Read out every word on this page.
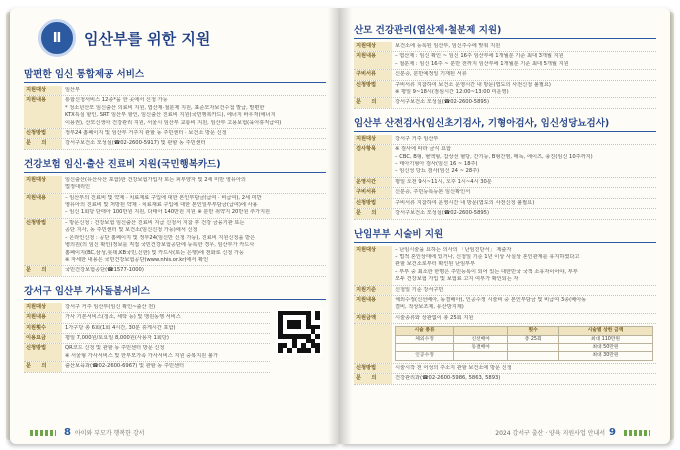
Ⅱ	임산부를 위한 지원
맘편한 임신 통합제공 서비스
지원대상	임산부
지원내용	통합신청서비스 12종*을 한 곳에서 신청 가능
* 청소년산모 임신출산 의료비 지원, 엽산제·철분제 지원, 표준모자보건수첩 발급, 맘편한
KTX특실 할인, SRT 임산부 할인, 임신출산 진료비 지원(국민행복카드), 에너지 바우처(에너지
이용권), 산모신생아 건강관리 지원, 서울시 임산부 교통비 지원, 임산부 고용보험(육아휴직급여)
신청방법	정부24 홈페이지 및 임산부 거주지 관할 동 주민센터 · 보건소 방문 신청
문　　의	강서구보건소 모성실(☎02-2600-5917) 및 관할 동 주민센터
건강보험 임신·출산 진료비 지원(국민행복카드)
지원대상	임신출산(유산사산 포함)한 건강보험가입자 또는 피부양자 및 2세 미만 영유아의
법정대리인
지원내용	– 임산부의 진료비 및 약제 · 치료재료 구입에 대한 본인부담금(급여 · 비급여), 2세 미만
영유아의 진료비 및 처방된 약제 · 치료재료 구입에 대한 본인일부부담금(급여)에 사용
– 임신 1회당 단태아 100만원 지원, 다태아 140만원 지원 ※ 분만 취약지 20만원 추가지원
신청방법	– 방문신청 : 건강보험 임신출산 진료비 지급 신청서 지참 후 건강 금융기관 또는
공단 지사, 동 주민센터 및 보건소(임신신청 가능)에서 신청
– 온라인신청 : 공단 홈페이지 및 정부24(임신만 신청 가능), 진료비 지원신청을 받은
병의원(의 임신 확인)정보를 직접 국민건강보험공단에 등록한 경우, 임산부가 카드사
홈페이지(BC,삼성,롯데,KB국민,신한) 및 카드사(또는 은행)에 전화로 신청 가능
※ 자세한 내용은 국민건강보험공단(www.nhis.or.kr)에서 확인
문　　의	국민건강보험공단(☎1577-1000)
강서구 임산부 가사돌봄서비스
지원대상	강서구 거주 임산부(임신 확인~출산 전)
지원내용	가사 기본서비스(청소, 세탁 등) 및 맹원동행 서비스
지원횟수	1가구당 총 6회(1회 4시간, 30분 휴게시간 포함)
이용요금	평일 7,000원/토요일 8,000원(사용자 1회당)
신청방법	QR코드 신청 및 관할 동 주민센터 방문 신청
※ 서울형 가사서비스 및 한부모가족 가사서비스 지원 중복지원 불가
문　　의	출산보육과(☎02-2600-6967) 및 관할 동 주민센터
8 아이와 부모가 행복한 강서
산모 건강관리(엽산제·철분제 지원)
지원대상	보건소에 등록된 임산부, 임신주수에 맞춰 지원
지원내용	– 엽산제 : 임신 확인 ~ 임신 16주 임산부에 1개월분 기준 최대 3개월 지원
– 철분제 : 임신 16주 ~ 분만 전까지 임산부에 1개월분 기준 최대 5개월 지원
구비서류	신분증, 분만예정일 기재된 서류
신청방법	구비서류 지참하여 보건소 운영시간 내 방문(엽도의 사전신청 불필요)
※ 평일 9~18시(점심시간 12:00~13:00 미운영)
문　　의	강서구보건소 모성실(☎02-2600-5895)
임산부 산전검사(임신초기검사, 기형아검사, 임신성당뇨검사)
지원대상	강서구 거주 임산부
검사항목	※ 검사에 따라 금식 요함
– CBC, B형, 혈액형, 갑상선 혈당, 간기능, B형간염, 매독, 에이즈, 풍진(임신 10주까지)
– 태아기형아 검사(임신 16 ~ 18주)
– 임신성 당뇨 검사(임신 24 ~ 28주)
운영시간	평일 오전 9시~11시, 오후 1시~4시 30분
구비서류	신분증, 주민등록등본 임신확인서
신청방법	구비서류 지참하여 운영시간 내 방문(엽도의 사전신청 불필요)
문　　의	강서구보건소 모성실(☎02-2600-5895)
난임부부 시술비 지원
지원대상	– 난임시술을 요하는 의사의 「난임진단서」 제출자
– 법적 혼인상태에 있거나, 신청일 기준 1년 이상 사실상 혼인관계를 유지하였다고
관할 보건소로부터 확인된 난임부부
– 부부 중 최소한 한명은 주민등록이 되어 있는 대한민국 국적 소유자이어야, 부부
모두 건강보험 가입 및 보험료 고지 여부가 확인되는 자
지원기준	신청일 기준 강서구민
지원내용	체외수정(신선배아, 동결배아), 인공수정 시술비 중 본인부담금 및 비급여 3종(배아동
결비, 착상보조제, 유산방지제)
지원금액	시술종류와 상관없이 총 25회 지원
시술 종류		횟수	시술별 상한 금액
체외수정	신선배아	총 25회	최대 110만원
	동결배아		최대 50만원
인공수정			최대 30만원
신청방법	시술시작 전 어성의 주소지 관할 보건소에 방문 신청
문　　의	건강관리과(☎02-2600-5986, 5863, 5893)
2024 강서구 출산 · 양육 지원사업 안내서 9
